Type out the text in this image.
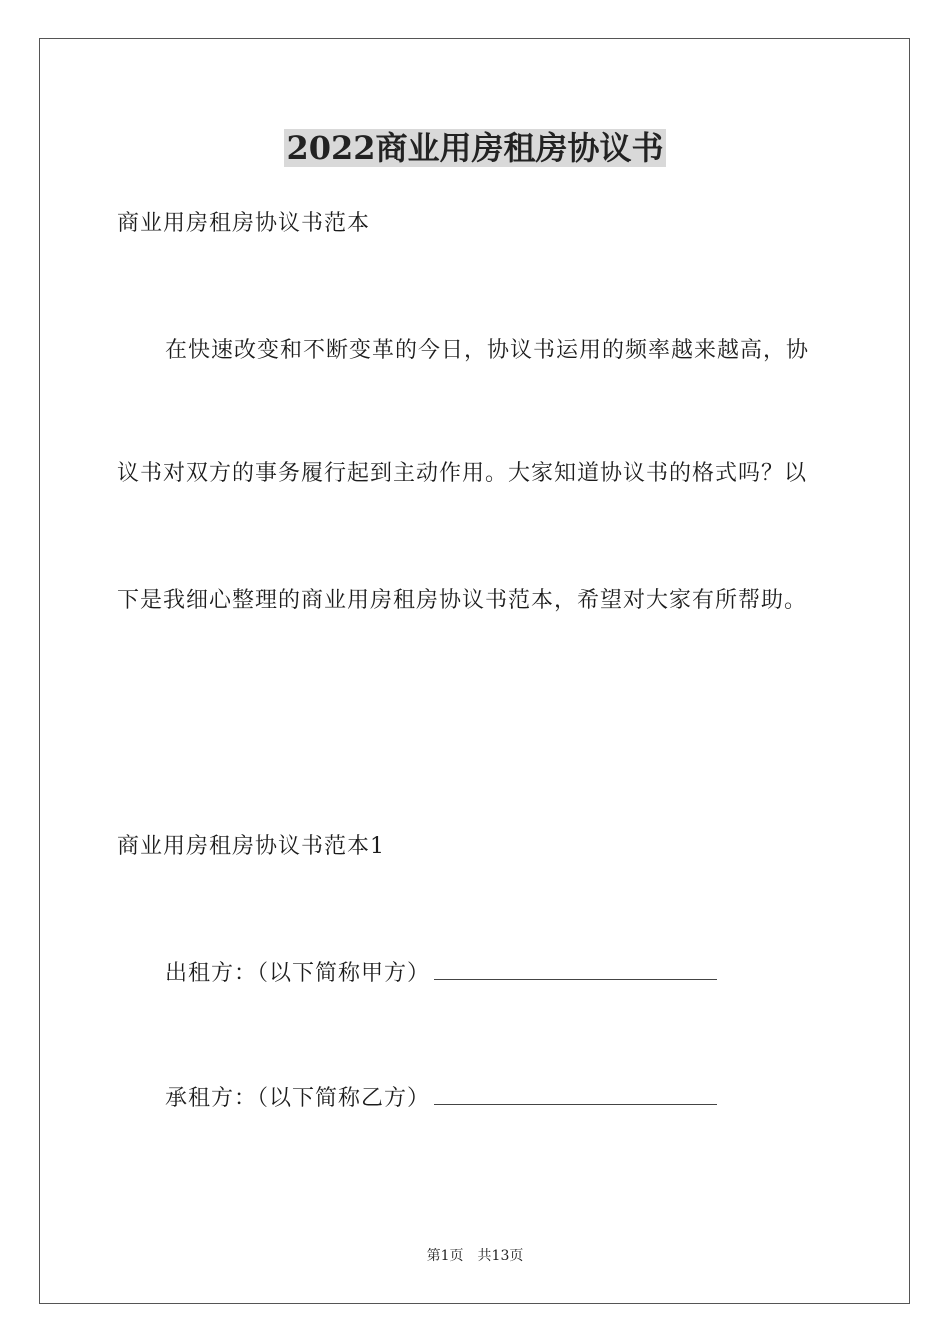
2022商业用房租房协议书
商业用房租房协议书范本
在快速改变和不断变革的今日，协议书运用的频率越来越高，协
议书对双方的事务履行起到主动作用。大家知道协议书的格式吗？以
下是我细心整理的商业用房租房协议书范本，希望对大家有所帮助。
商业用房租房协议书范本1
出租方：（以下简称甲方）
承租方：（以下简称乙方）
第1页 共13页
